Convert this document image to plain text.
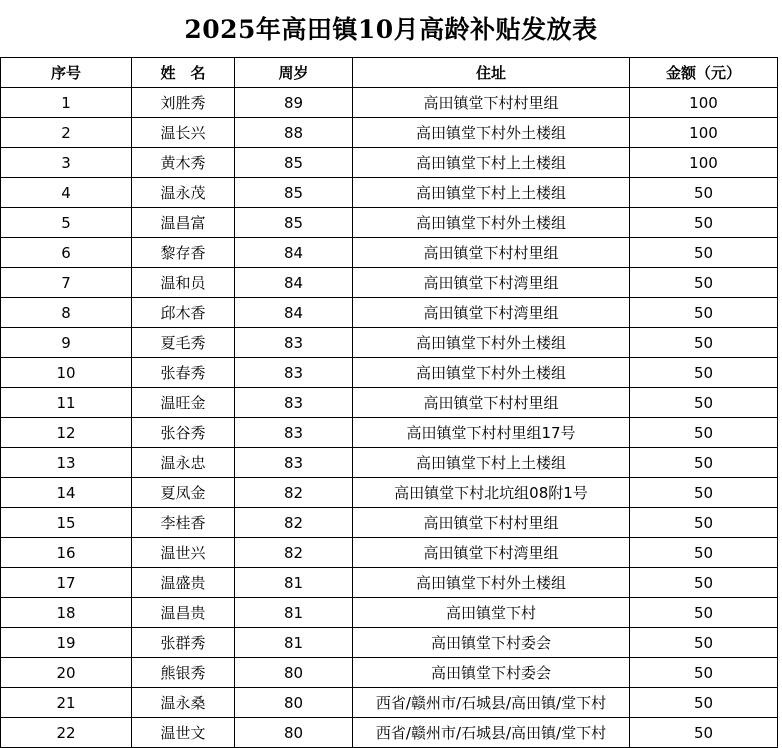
2025年高田镇10月高龄补贴发放表
序号	姓　名	周岁	住址	金额（元）
1	刘胜秀	89	高田镇堂下村村里组	100
2	温长兴	88	高田镇堂下村外土楼组	100
3	黄木秀	85	高田镇堂下村上土楼组	100
4	温永茂	85	高田镇堂下村上土楼组	50
5	温昌富	85	高田镇堂下村外土楼组	50
6	黎存香	84	高田镇堂下村村里组	50
7	温和员	84	高田镇堂下村湾里组	50
8	邱木香	84	高田镇堂下村湾里组	50
9	夏毛秀	83	高田镇堂下村外土楼组	50
10	张春秀	83	高田镇堂下村外土楼组	50
11	温旺金	83	高田镇堂下村村里组	50
12	张谷秀	83	高田镇堂下村村里组17号	50
13	温永忠	83	高田镇堂下村上土楼组	50
14	夏凤金	82	高田镇堂下村北坑组08附1号	50
15	李桂香	82	高田镇堂下村村里组	50
16	温世兴	82	高田镇堂下村湾里组	50
17	温盛贵	81	高田镇堂下村外土楼组	50
18	温昌贵	81	高田镇堂下村	50
19	张群秀	81	高田镇堂下村委会	50
20	熊银秀	80	高田镇堂下村委会	50
21	温永桑	80	西省/赣州市/石城县/高田镇/堂下村	50
22	温世文	80	西省/赣州市/石城县/高田镇/堂下村	50
